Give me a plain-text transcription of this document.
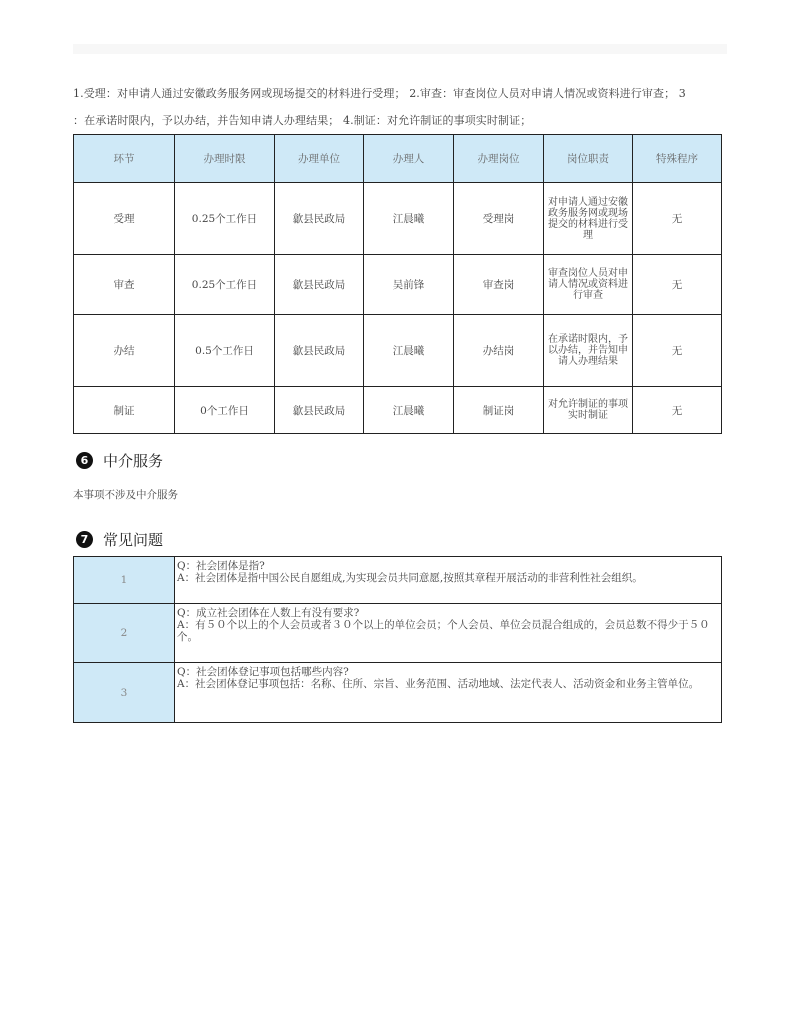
1.受理：对申请人通过安徽政务服务网或现场提交的材料进行受理； 2.审查：审查岗位人员对申请人情况或资料进行审查； 3
：在承诺时限内，予以办结，并告知申请人办理结果； 4.制证：对允许制证的事项实时制证；
环节	办理时限	办理单位	办理人	办理岗位	岗位职责	特殊程序
受理	0.25个工作日	歙县民政局	江晨曦	受理岗	对申请人通过安徽政务服务网或现场提交的材料进行受理	无
审查	0.25个工作日	歙县民政局	吴前锋	审查岗	审查岗位人员对申请人情况或资料进行审查	无
办结	0.5个工作日	歙县民政局	江晨曦	办结岗	在承诺时限内，予以办结，并告知申请人办理结果	无
制证	0个工作日	歙县民政局	江晨曦	制证岗	对允许制证的事项实时制证	无
6 中介服务
本事项不涉及中介服务
7 常见问题
1	Q：社会团体是指?
A：社会团体是指中国公民自愿组成,为实现会员共同意愿,按照其章程开展活动的非营利性社会组织。

2	Q：成立社会团体在人数上有没有要求?
A：有５０个以上的个人会员或者３０个以上的单位会员；个人会员、单位会员混合组成的，会员总数不得少于５０个。

3	Q：社会团体登记事项包括哪些内容?
A：社会团体登记事项包括：名称、住所、宗旨、业务范围、活动地域、法定代表人、活动资金和业务主管单位。
